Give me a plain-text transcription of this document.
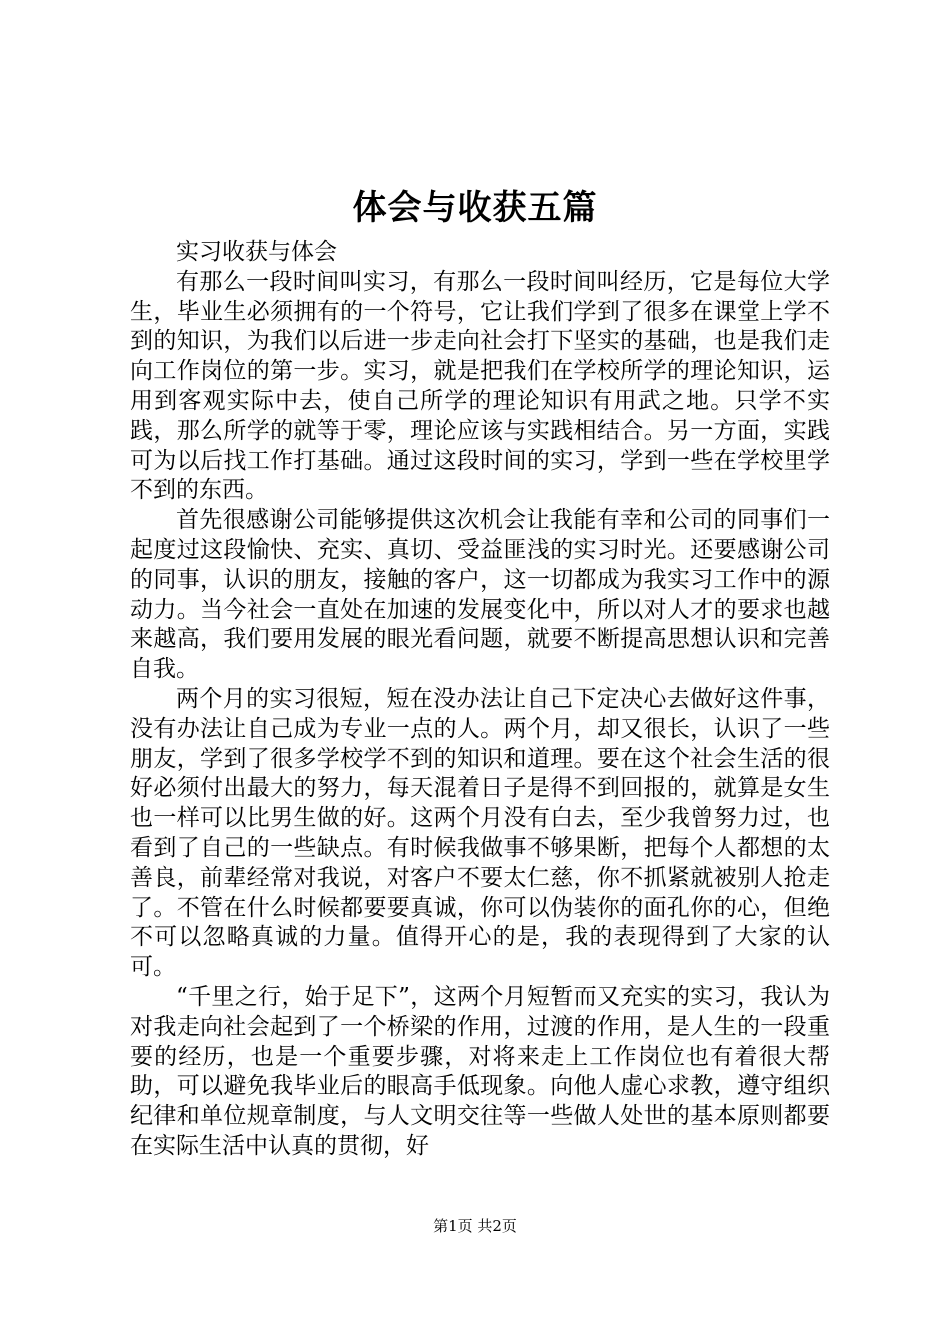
体会与收获五篇

实习收获与体会

有那么一段时间叫实习，有那么一段时间叫经历，它是每位大学生，毕业生必须拥有的一个符号，它让我们学到了很多在课堂上学不到的知识，为我们以后进一步走向社会打下坚实的基础，也是我们走向工作岗位的第一步。实习，就是把我们在学校所学的理论知识，运用到客观实际中去，使自己所学的理论知识有用武之地。只学不实践，那么所学的就等于零，理论应该与实践相结合。另一方面，实践可为以后找工作打基础。通过这段时间的实习，学到一些在学校里学不到的东西。

首先很感谢公司能够提供这次机会让我能有幸和公司的同事们一起度过这段愉快、充实、真切、受益匪浅的实习时光。还要感谢公司的同事，认识的朋友，接触的客户，这一切都成为我实习工作中的源动力。当今社会一直处在加速的发展变化中，所以对人才的要求也越来越高，我们要用发展的眼光看问题，就要不断提高思想认识和完善自我。

两个月的实习很短，短在没办法让自己下定决心去做好这件事，没有办法让自己成为专业一点的人。两个月，却又很长，认识了一些朋友，学到了很多学校学不到的知识和道理。要在这个社会生活的很好必须付出最大的努力，每天混着日子是得不到回报的，就算是女生也一样可以比男生做的好。这两个月没有白去，至少我曾努力过，也看到了自己的一些缺点。有时候我做事不够果断，把每个人都想的太善良，前辈经常对我说，对客户不要太仁慈，你不抓紧就被别人抢走了。不管在什么时候都要要真诚，你可以伪装你的面孔你的心，但绝不可以忽略真诚的力量。值得开心的是，我的表现得到了大家的认可。

“千里之行，始于足下”，这两个月短暂而又充实的实习，我认为对我走向社会起到了一个桥梁的作用，过渡的作用，是人生的一段重要的经历，也是一个重要步骤，对将来走上工作岗位也有着很大帮助，可以避免我毕业后的眼高手低现象。向他人虚心求教，遵守组织纪律和单位规章制度，与人文明交往等一些做人处世的基本原则都要在实际生活中认真的贯彻，好

第1页 共2页
